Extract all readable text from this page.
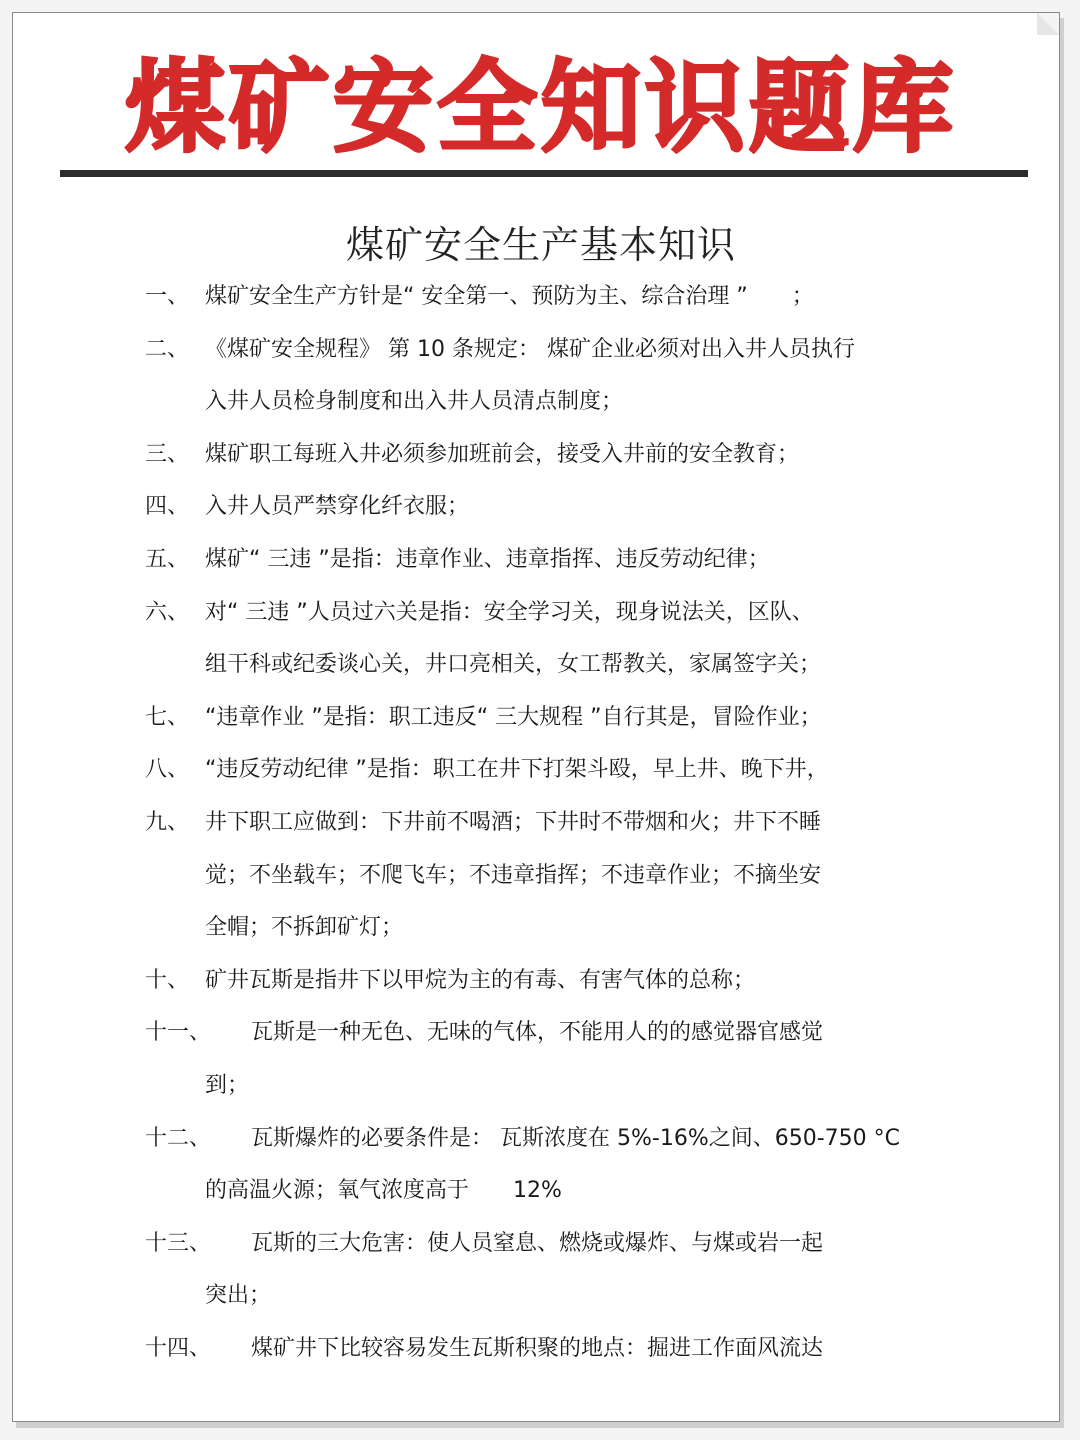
煤矿安全知识题库
煤矿安全生产基本知识
一、 煤矿安全生产方针是“ 安全第一、预防为主、综合治理 ”　　；
二、 《煤矿安全规程》 第 10 条规定： 煤矿企业必须对出入井人员执行
入井人员检身制度和出入井人员清点制度；
三、 煤矿职工每班入井必须参加班前会，接受入井前的安全教育；
四、 入井人员严禁穿化纤衣服；
五、 煤矿“ 三违 ”是指：违章作业、违章指挥、违反劳动纪律；
六、 对“ 三违 ”人员过六关是指：安全学习关，现身说法关，区队、
组干科或纪委谈心关，井口亮相关，女工帮教关，家属签字关；
七、 “违章作业 ”是指：职工违反“ 三大规程 ”自行其是，冒险作业；
八、 “违反劳动纪律 ”是指：职工在井下打架斗殴，早上井、晚下井，
九、 井下职工应做到：下井前不喝酒；下井时不带烟和火；井下不睡
觉；不坐载车；不爬飞车；不违章指挥；不违章作业；不摘坐安
全帽；不拆卸矿灯；
十、 矿井瓦斯是指井下以甲烷为主的有毒、有害气体的总称；
十一、	瓦斯是一种无色、无味的气体，不能用人的的感觉器官感觉
到；
十二、	瓦斯爆炸的必要条件是： 瓦斯浓度在 5%-16%之间、650-750 °C
的高温火源；氧气浓度高于　　12%
十三、	瓦斯的三大危害：使人员窒息、燃烧或爆炸、与煤或岩一起
突出；
十四、	煤矿井下比较容易发生瓦斯积聚的地点：掘进工作面风流达
